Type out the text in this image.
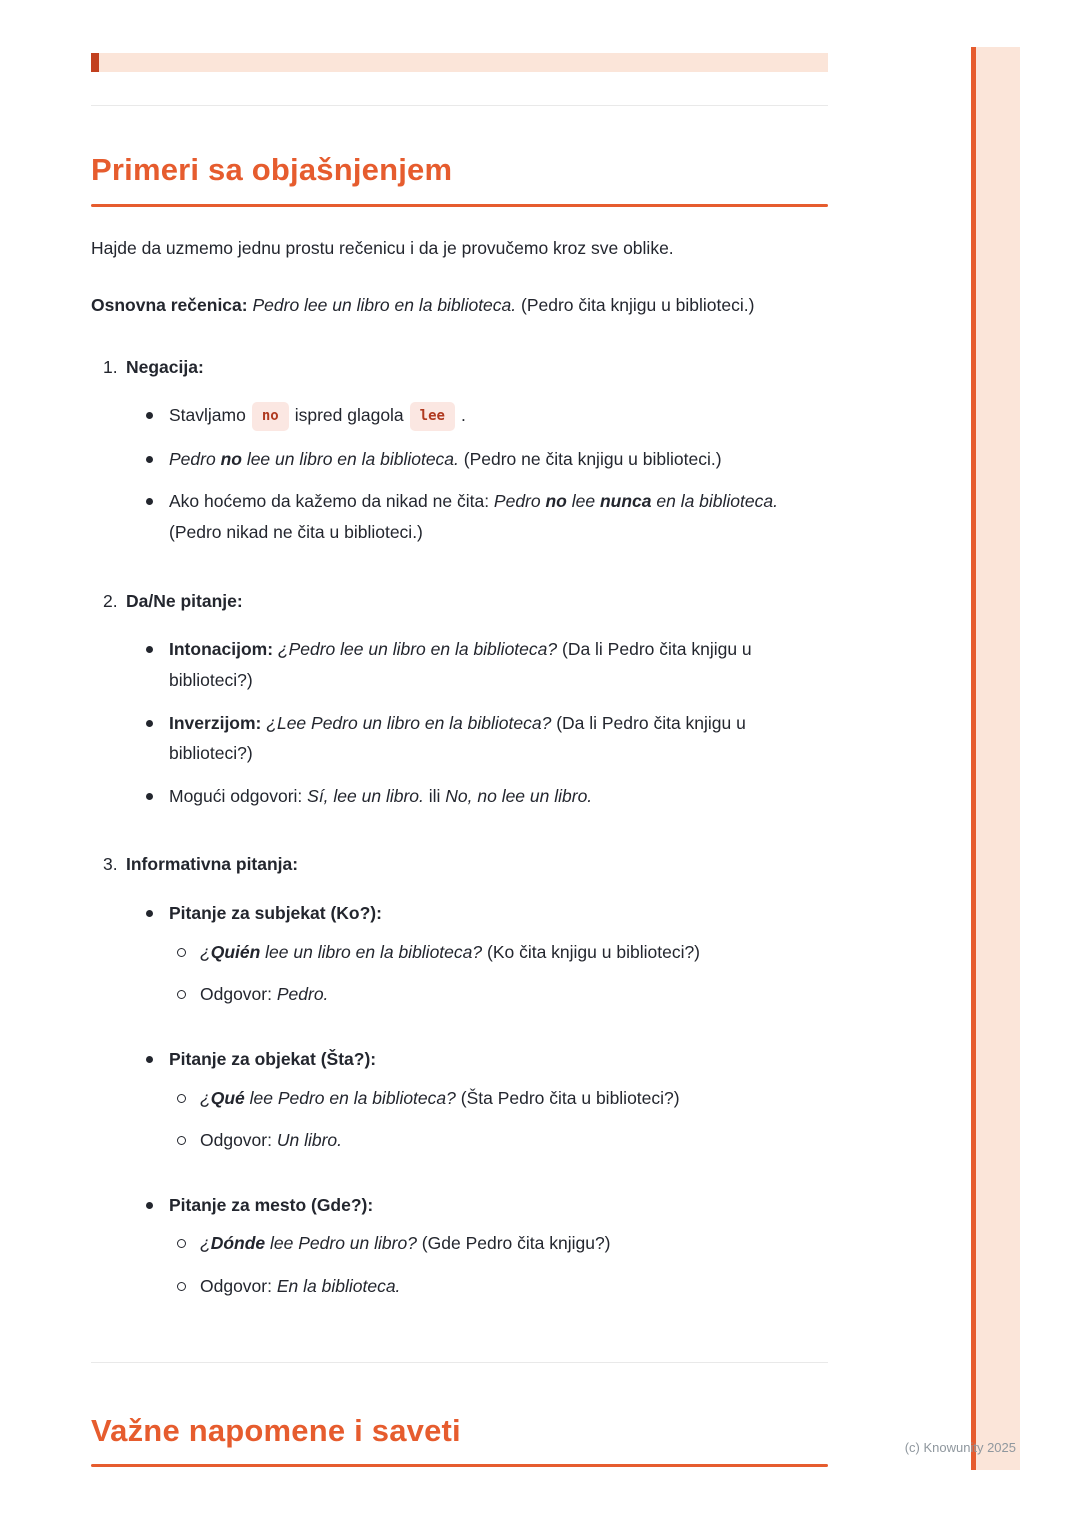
Primeri sa objašnjenjem

Hajde da uzmemo jednu prostu rečenicu i da je provučemo kroz sve oblike.

Osnovna rečenica: Pedro lee un libro en la biblioteca. (Pedro čita knjigu u biblioteci.)

1. Negacija:
Stavljamo no ispred glagola lee .
Pedro no lee un libro en la biblioteca. (Pedro ne čita knjigu u biblioteci.)
Ako hoćemo da kažemo da nikad ne čita: Pedro no lee nunca en la biblioteca. (Pedro nikad ne čita u biblioteci.)
2. Da/Ne pitanje:
Intonacijom: ¿Pedro lee un libro en la biblioteca? (Da li Pedro čita knjigu u biblioteci?)
Inverzijom: ¿Lee Pedro un libro en la biblioteca? (Da li Pedro čita knjigu u biblioteci?)
Mogući odgovori: Sí, lee un libro. ili No, no lee un libro.
3. Informativna pitanja:
Pitanje za subjekat (Ko?):
¿Quién lee un libro en la biblioteca? (Ko čita knjigu u biblioteci?)
Odgovor: Pedro.
Pitanje za objekat (Šta?):
¿Qué lee Pedro en la biblioteca? (Šta Pedro čita u biblioteci?)
Odgovor: Un libro.
Pitanje za mesto (Gde?):
¿Dónde lee Pedro un libro? (Gde Pedro čita knjigu?)
Odgovor: En la biblioteca.
Važne napomene i saveti	(c) Knowunity 2025
